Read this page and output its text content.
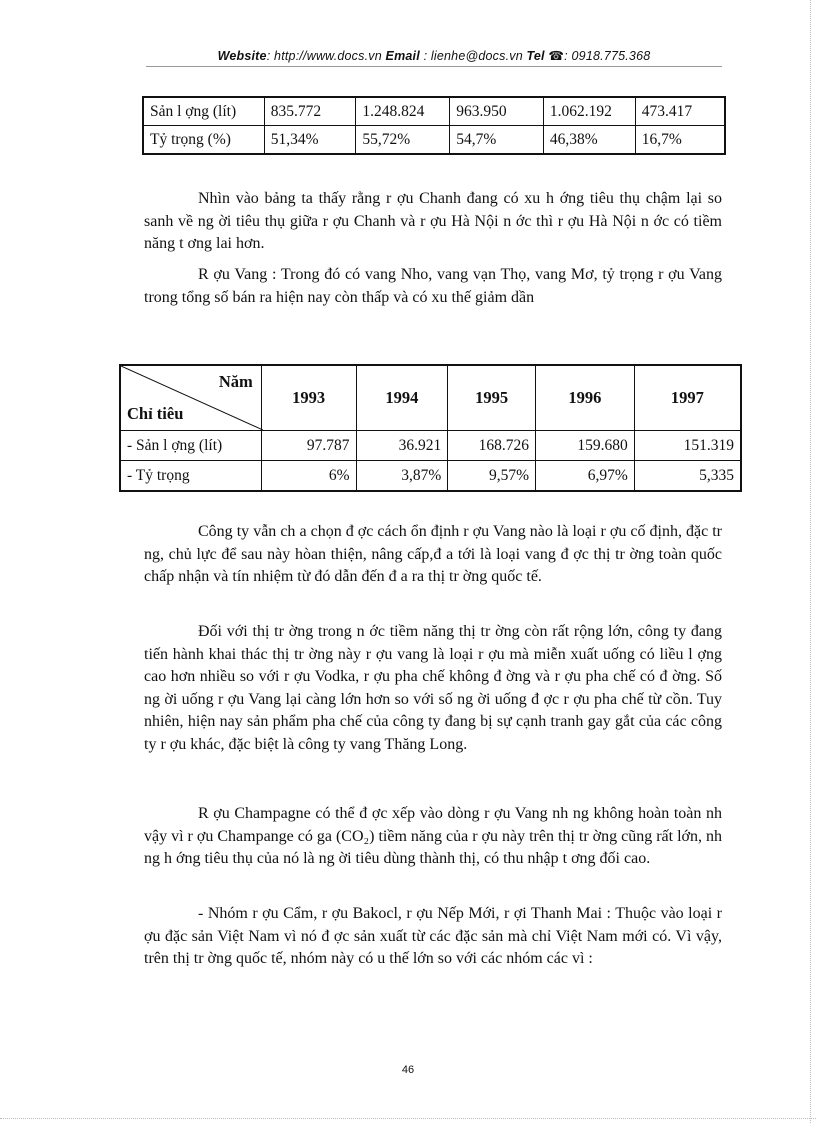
Website: http://www.docs.vn Email : lienhe@docs.vn Tel ☎: 0918.775.368
Sản l ợng (lít)	835.772	1.248.824	963.950	1.062.192	473.417
Tỷ trọng (%)	51,34%	55,72%	54,7%	46,38%	16,7%

Nhìn vào bảng ta thấy rằng r ợu Chanh đang có xu h ớng tiêu thụ chậm lại so sanh về ng ời tiêu thụ giữa r ợu Chanh và r ợu Hà Nội n ớc thì r ợu Hà Nội n ớc có tiềm năng t ơng lai hơn.

R ợu Vang : Trong đó có vang Nho, vang vạn Thọ, vang Mơ, tỷ trọng r ợu Vang trong tổng số bán ra hiện nay còn thấp và có xu thế giảm dần

Năm
Chỉ tiêu	1993	1994	1995	1996	1997
- Sản l ợng (lít)	97.787	36.921	168.726	159.680	151.319
- Tỷ trọng	6%	3,87%	9,57%	6,97%	5,335

Công ty vẫn ch a chọn đ ợc cách ổn định r ợu Vang nào là loại r ợu cố định, đặc tr ng, chủ lực để sau này hòan thiện, nâng cấp,đ a tới là loại vang đ ợc thị tr ờng toàn quốc chấp nhận và tín nhiệm từ đó dẫn đến đ a ra thị tr ờng quốc tế.

Đối với thị tr ờng trong n ớc tiềm năng thị tr ờng còn rất rộng lớn, công ty đang tiến hành khai thác thị tr ờng này r ợu vang là loại r ợu mà miễn xuất uống có liều l ợng cao hơn nhiều so với r ợu Vodka, r ợu pha chế không đ ờng và r ợu pha chế có đ ờng. Số ng ời uống r ợu Vang lại càng lớn hơn so với số ng ời uống đ ợc r ợu pha chế từ cồn. Tuy nhiên, hiện nay sản phẩm pha chế của công ty đang bị sự cạnh tranh gay gắt của các công ty r ợu khác, đặc biệt là công ty vang Thăng Long.

R ợu Champagne có thể đ ợc xếp vào dòng r ợu Vang nh ng không hoàn toàn nh vậy vì r ợu Champange có ga (CO₂) tiềm năng của r ợu này trên thị tr ờng cũng rất lớn, nh ng h ớng tiêu thụ của nó là ng ời tiêu dùng thành thị, có thu nhập t ơng đối cao.

- Nhóm r ợu Cẩm, r ợu Bakocl, r ợu Nếp Mới, r ợi Thanh Mai : Thuộc vào loại r ợu đặc sản Việt Nam vì nó đ ợc sản xuất từ các đặc sản mà chỉ Việt Nam mới có. Vì vậy, trên thị tr ờng quốc tế, nhóm này có u thế lớn so với các nhóm các vì :

46
